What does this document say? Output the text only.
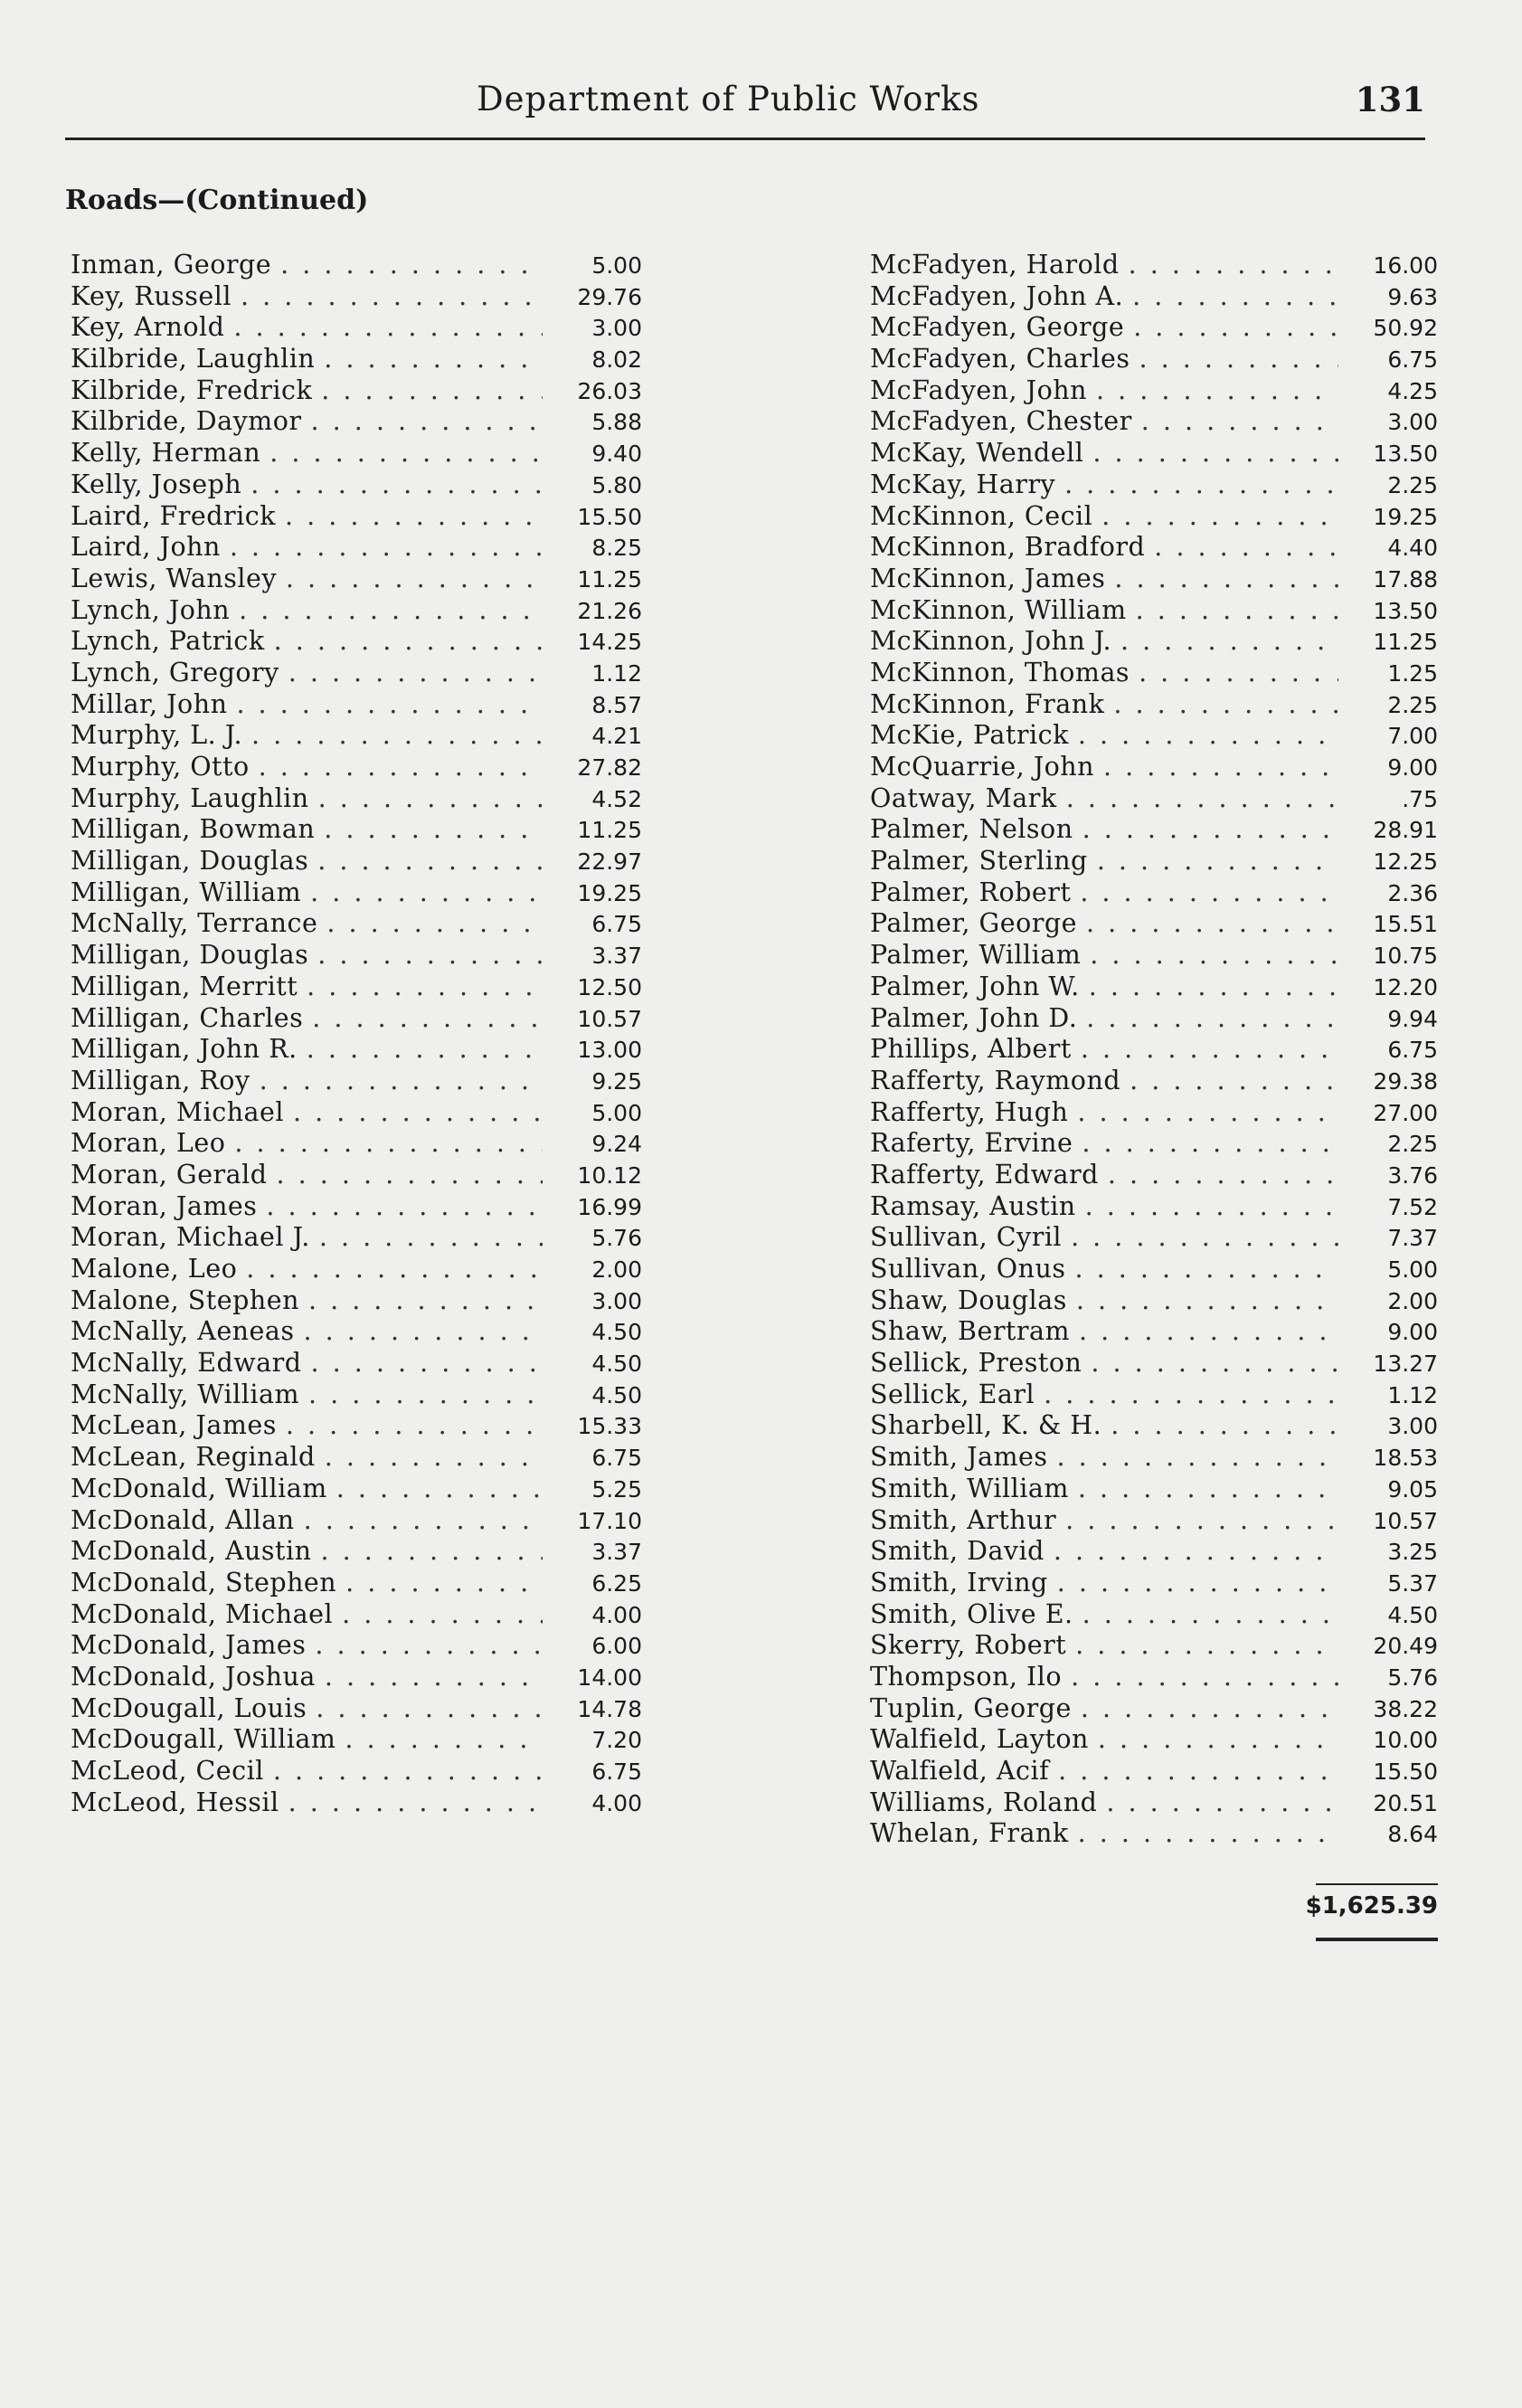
Department of Public Works	131
Roads—(Continued)
Inman, George . . .	5.00
Key, Russell . . .	29.76
Key, Arnold . . .	3.00
Kilbride, Laughlin . . .	8.02
Kilbride, Fredrick . . .	26.03
Kilbride, Daymor . . .	5.88
Kelly, Herman . . .	9.40
Kelly, Joseph . . .	5.80
Laird, Fredrick . . .	15.50
Laird, John . . .	8.25
Lewis, Wansley . . .	11.25
Lynch, John . . .	21.26
Lynch, Patrick . . .	14.25
Lynch, Gregory . . .	1.12
Millar, John . . .	8.57
Murphy, L. J. . . .	4.21
Murphy, Otto . . .	27.82
Murphy, Laughlin . . .	4.52
Milligan, Bowman . . .	11.25
Milligan, Douglas . . .	22.97
Milligan, William . . .	19.25
McNally, Terrance . . .	6.75
Milligan, Douglas . . .	3.37
Milligan, Merritt . . .	12.50
Milligan, Charles . . .	10.57
Milligan, John R. . . .	13.00
Milligan, Roy . . .	9.25
Moran, Michael . . .	5.00
Moran, Leo . . .	9.24
Moran, Gerald . . .	10.12
Moran, James . . .	16.99
Moran, Michael J. . . .	5.76
Malone, Leo . . .	2.00
Malone, Stephen . . .	3.00
McNally, Aeneas . . .	4.50
McNally, Edward . . .	4.50
McNally, William . . .	4.50
McLean, James . . .	15.33
McLean, Reginald . . .	6.75
McDonald, William . . .	5.25
McDonald, Allan . . .	17.10
McDonald, Austin . . .	3.37
McDonald, Stephen . . .	6.25
McDonald, Michael . . .	4.00
McDonald, James . . .	6.00
McDonald, Joshua . . .	14.00
McDougall, Louis . . .	14.78
McDougall, William . . .	7.20
McLeod, Cecil . . .	6.75
McLeod, Hessil . . .	4.00
McFadyen, Harold . . .	16.00
McFadyen, John A. . . .	9.63
McFadyen, George . . .	50.92
McFadyen, Charles . . .	6.75
McFadyen, John . . .	4.25
McFadyen, Chester . . .	3.00
McKay, Wendell . . .	13.50
McKay, Harry . . .	2.25
McKinnon, Cecil . . .	19.25
McKinnon, Bradford . . .	4.40
McKinnon, James . . .	17.88
McKinnon, William . . .	13.50
McKinnon, John J. . . .	11.25
McKinnon, Thomas . . .	1.25
McKinnon, Frank . . .	2.25
McKie, Patrick . . .	7.00
McQuarrie, John . . .	9.00
Oatway, Mark . . .	.75
Palmer, Nelson . . .	28.91
Palmer, Sterling . . .	12.25
Palmer, Robert . . .	2.36
Palmer, George . . .	15.51
Palmer, William . . .	10.75
Palmer, John W. . . .	12.20
Palmer, John D. . . .	9.94
Phillips, Albert . . .	6.75
Rafferty, Raymond . . .	29.38
Rafferty, Hugh . . .	27.00
Raferty, Ervine . . .	2.25
Rafferty, Edward . . .	3.76
Ramsay, Austin . . .	7.52
Sullivan, Cyril . . .	7.37
Sullivan, Onus . . .	5.00
Shaw, Douglas . . .	2.00
Shaw, Bertram . . .	9.00
Sellick, Preston . . .	13.27
Sellick, Earl . . .	1.12
Sharbell, K. & H. . . .	3.00
Smith, James . . .	18.53
Smith, William . . .	9.05
Smith, Arthur . . .	10.57
Smith, David . . .	3.25
Smith, Irving . . .	5.37
Smith, Olive E. . . .	4.50
Skerry, Robert . . .	20.49
Thompson, Ilo . . .	5.76
Tuplin, George . . .	38.22
Walfield, Layton . . .	10.00
Walfield, Acif . . .	15.50
Williams, Roland . . .	20.51
Whelan, Frank . . .	8.64
$1,625.39
